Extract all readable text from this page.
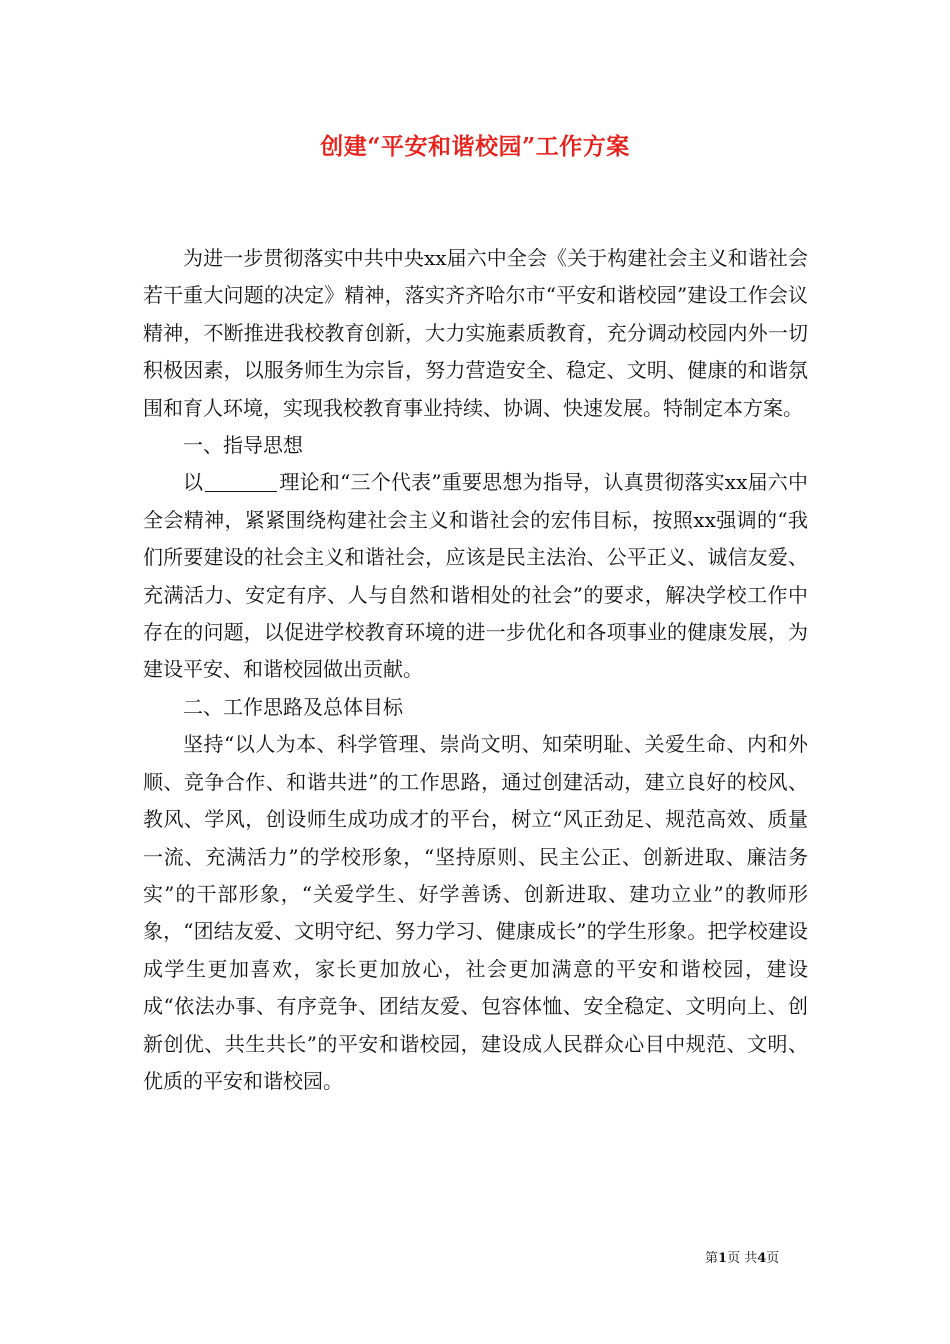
创建“平安和谐校园”工作方案

为进一步贯彻落实中共中央xx届六中全会《关于构建社会主义和谐社会若干重大问题的决定》精神，落实齐齐哈尔市“平安和谐校园”建设工作会议精神，不断推进我校教育创新，大力实施素质教育，充分调动校园内外一切积极因素，以服务师生为宗旨，努力营造安全、稳定、文明、健康的和谐氛围和育人环境，实现我校教育事业持续、协调、快速发展。特制定本方案。

一、指导思想

以	理论和“三个代表”重要思想为指导，认真贯彻落实xx届六中全会精神，紧紧围绕构建社会主义和谐社会的宏伟目标，按照xx强调的“我们所要建设的社会主义和谐社会，应该是民主法治、公平正义、诚信友爱、充满活力、安定有序、人与自然和谐相处的社会”的要求，解决学校工作中存在的问题，以促进学校教育环境的进一步优化和各项事业的健康发展，为建设平安、和谐校园做出贡献。

二、工作思路及总体目标

坚持“以人为本、科学管理、崇尚文明、知荣明耻、关爱生命、内和外顺、竞争合作、和谐共进”的工作思路，通过创建活动，建立良好的校风、教风、学风，创设师生成功成才的平台，树立“风正劲足、规范高效、质量一流、充满活力”的学校形象，“坚持原则、民主公正、创新进取、廉洁务实”的干部形象，“关爱学生、好学善诱、创新进取、建功立业”的教师形象，“团结友爱、文明守纪、努力学习、健康成长”的学生形象。把学校建设成学生更加喜欢，家长更加放心，社会更加满意的平安和谐校园，建设成“依法办事、有序竞争、团结友爱、包容体恤、安全稳定、文明向上、创新创优、共生共长”的平安和谐校园，建设成人民群众心目中规范、文明、优质的平安和谐校园。

第1页 共4页
